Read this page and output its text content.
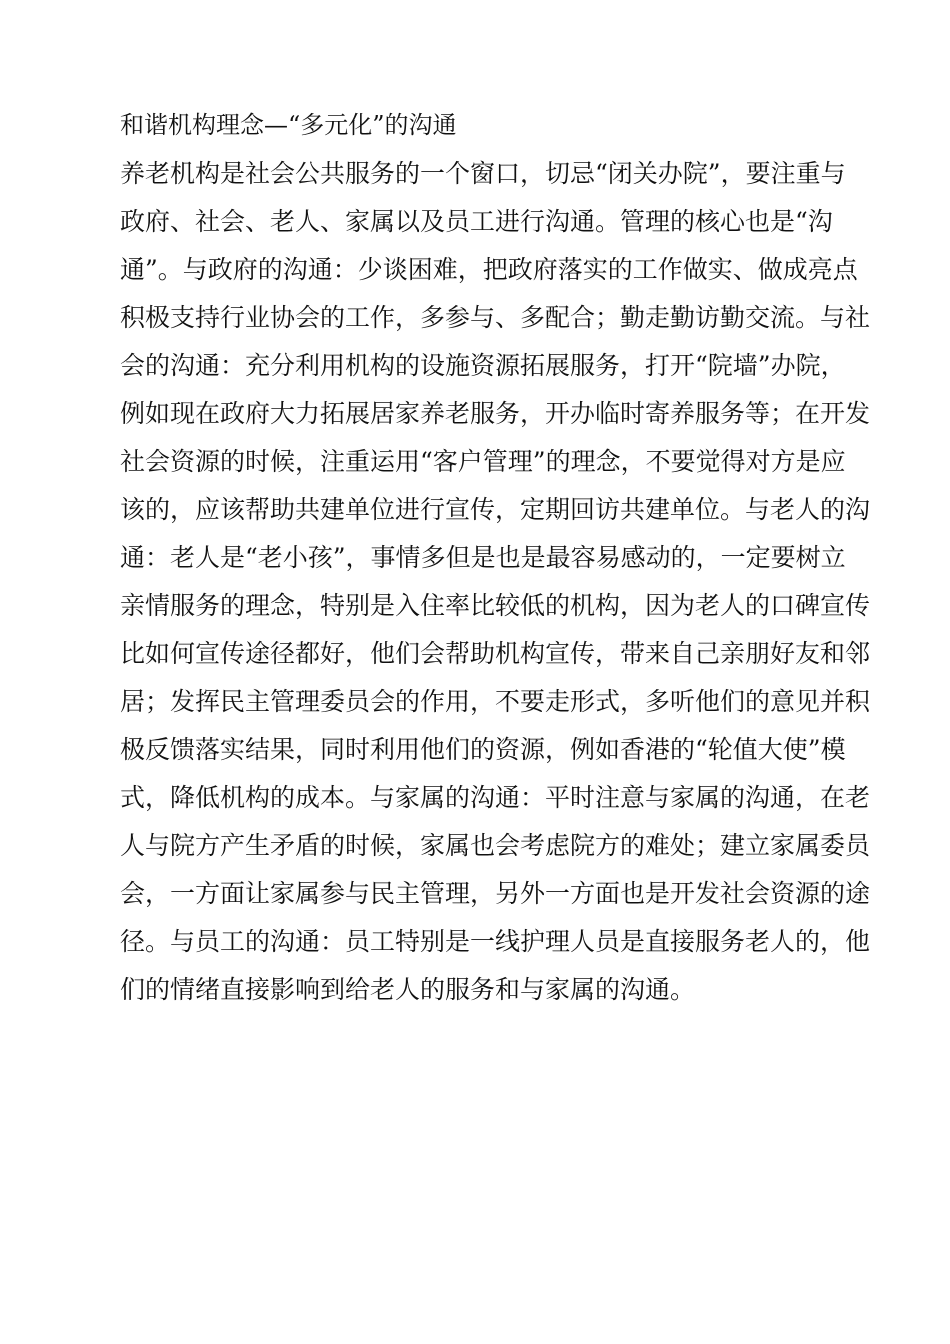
和谐机构理念—“多元化”的沟通
养老机构是社会公共服务的一个窗口，切忌“闭关办院”，要注重与
政府、社会、老人、家属以及员工进行沟通。管理的核心也是“沟
通”。与政府的沟通：少谈困难，把政府落实的工作做实、做成亮点
积极支持行业协会的工作，多参与、多配合；勤走勤访勤交流。与社
会的沟通：充分利用机构的设施资源拓展服务，打开“院墙”办院，
例如现在政府大力拓展居家养老服务，开办临时寄养服务等；在开发
社会资源的时候，注重运用“客户管理”的理念，不要觉得对方是应
该的，应该帮助共建单位进行宣传，定期回访共建单位。与老人的沟
通：老人是“老小孩”，事情多但是也是最容易感动的，一定要树立
亲情服务的理念，特别是入住率比较低的机构，因为老人的口碑宣传
比如何宣传途径都好，他们会帮助机构宣传，带来自己亲朋好友和邻
居；发挥民主管理委员会的作用，不要走形式，多听他们的意见并积
极反馈落实结果，同时利用他们的资源，例如香港的“轮值大使”模
式，降低机构的成本。与家属的沟通：平时注意与家属的沟通，在老
人与院方产生矛盾的时候，家属也会考虑院方的难处；建立家属委员
会，一方面让家属参与民主管理，另外一方面也是开发社会资源的途
径。与员工的沟通：员工特别是一线护理人员是直接服务老人的，他
们的情绪直接影响到给老人的服务和与家属的沟通。
